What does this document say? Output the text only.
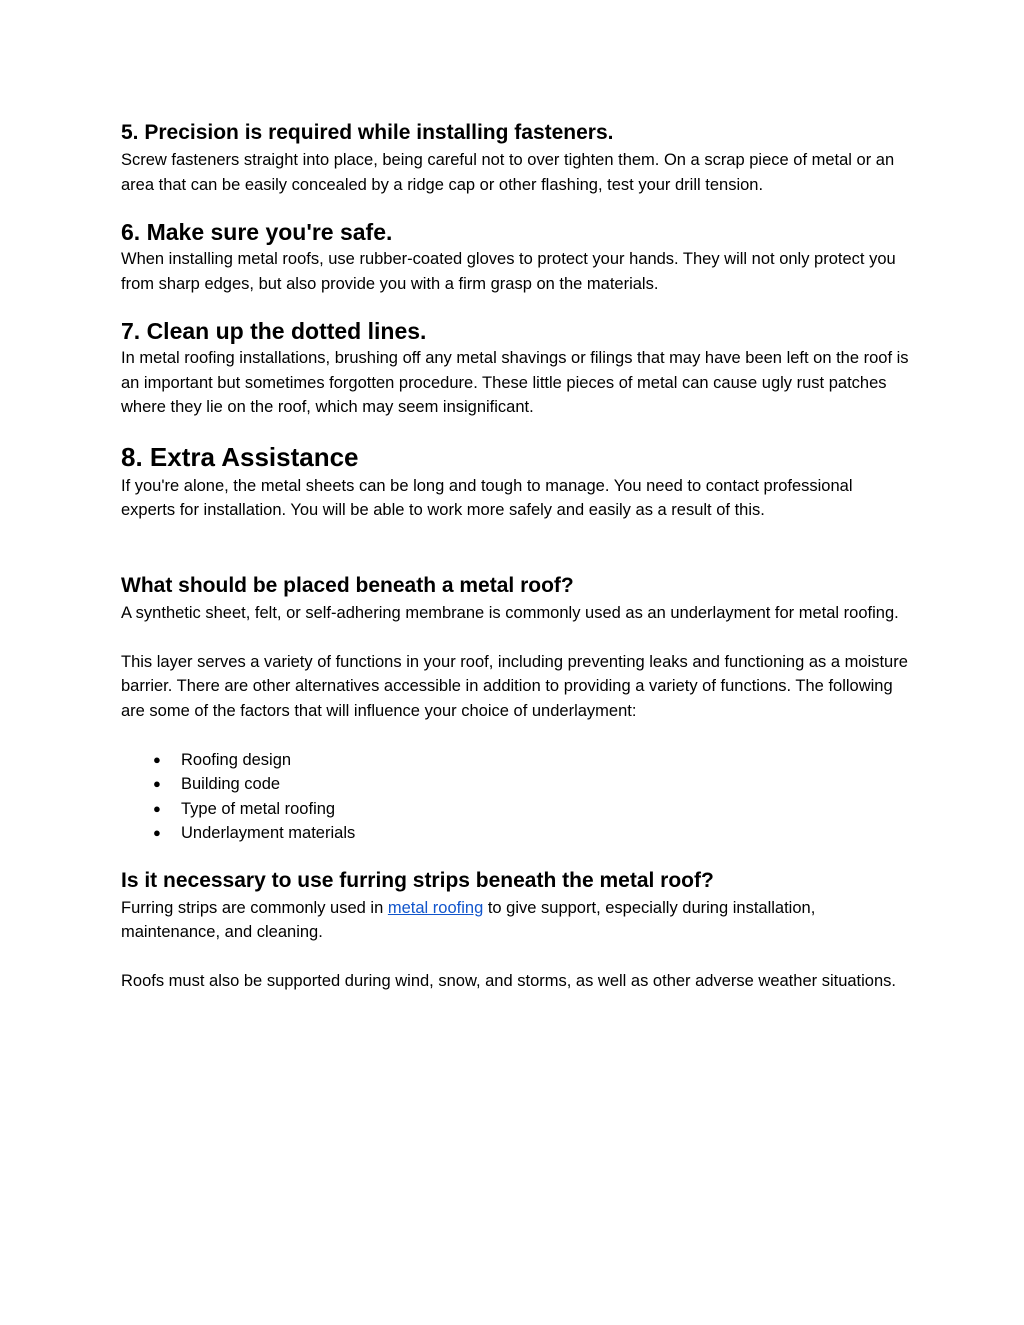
5. Precision is required while installing fasteners.

Screw fasteners straight into place, being careful not to over tighten them. On a scrap piece of metal or an area that can be easily concealed by a ridge cap or other flashing, test your drill tension.

6. Make sure you're safe.

When installing metal roofs, use rubber-coated gloves to protect your hands. They will not only protect you from sharp edges, but also provide you with a firm grasp on the materials.

7. Clean up the dotted lines.

In metal roofing installations, brushing off any metal shavings or filings that may have been left on the roof is an important but sometimes forgotten procedure. These little pieces of metal can cause ugly rust patches where they lie on the roof, which may seem insignificant.

8. Extra Assistance

If you're alone, the metal sheets can be long and tough to manage. You need to contact professional experts for installation. You will be able to work more safely and easily as a result of this.

What should be placed beneath a metal roof?

A synthetic sheet, felt, or self-adhering membrane is commonly used as an underlayment for metal roofing.

This layer serves a variety of functions in your roof, including preventing leaks and functioning as a moisture barrier. There are other alternatives accessible in addition to providing a variety of functions. The following are some of the factors that will influence your choice of underlayment:

● Roofing design
● Building code
● Type of metal roofing
● Underlayment materials
Is it necessary to use furring strips beneath the metal roof?

Furring strips are commonly used in metal roofing to give support, especially during installation, maintenance, and cleaning.

Roofs must also be supported during wind, snow, and storms, as well as other adverse weather situations.
